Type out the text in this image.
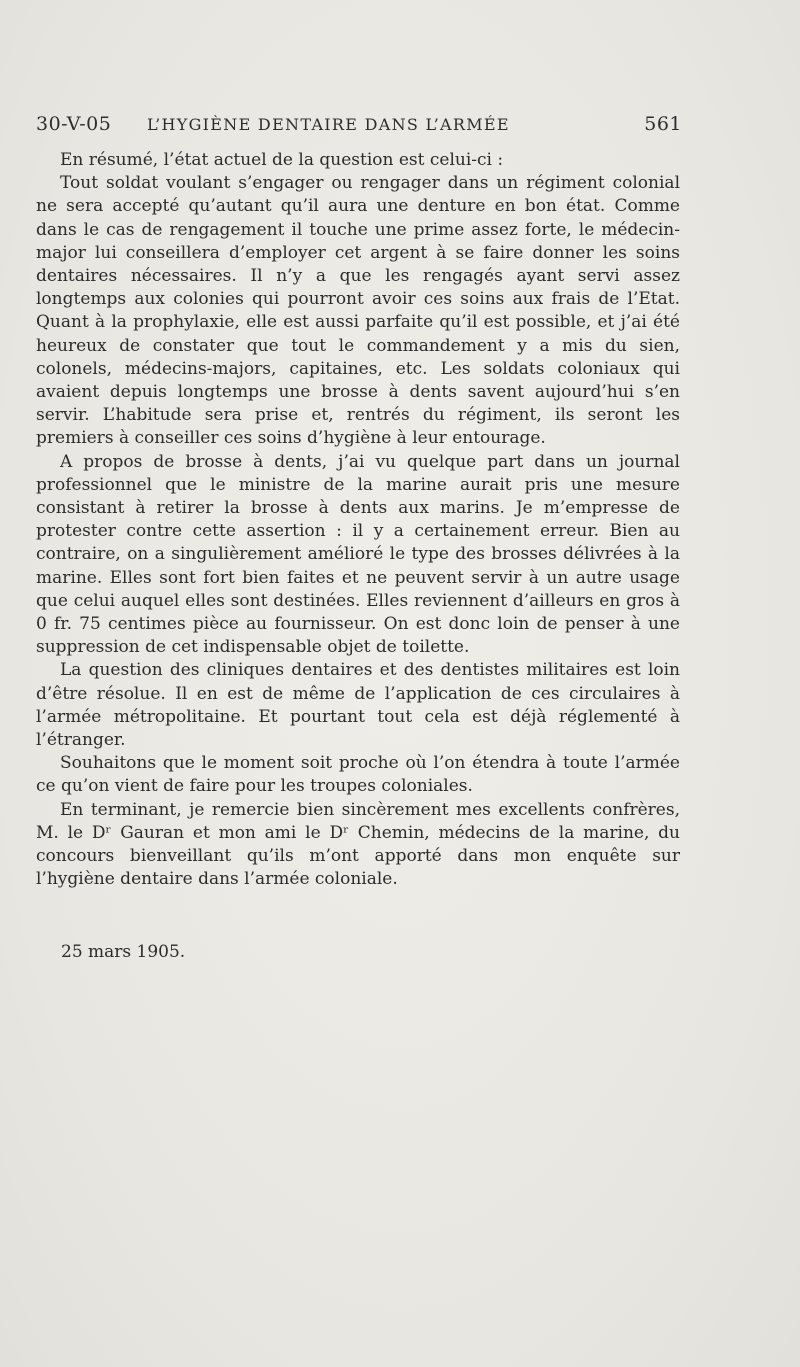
30-V-05 L’HYGIÈNE DENTAIRE DANS L’ARMÉE	561

En résumé, l’état actuel de la question est celui-ci :

Tout soldat voulant s’engager ou rengager dans un régiment colonial ne sera accepté qu’autant qu’il aura une denture en bon état. Comme dans le cas de rengagement il touche une prime assez forte, le médecin-major lui conseillera d’employer cet argent à se faire donner les soins dentaires nécessaires. Il n’y a que les rengagés ayant servi assez longtemps aux colonies qui pourront avoir ces soins aux frais de l’Etat. Quant à la prophylaxie, elle est aussi parfaite qu’il est possible, et j’ai été heureux de constater que tout le commandement y a mis du sien, colonels, médecins-majors, capitaines, etc. Les soldats coloniaux qui avaient depuis longtemps une brosse à dents savent aujourd’hui s’en servir. L’habitude sera prise et, rentrés du régiment, ils seront les premiers à conseiller ces soins d’hygiène à leur entourage.

A propos de brosse à dents, j’ai vu quelque part dans un journal professionnel que le ministre de la marine aurait pris une mesure consistant à retirer la brosse à dents aux marins. Je m’empresse de protester contre cette assertion : il y a certainement erreur. Bien au contraire, on a singulièrement amélioré le type des brosses délivrées à la marine. Elles sont fort bien faites et ne peuvent servir à un autre usage que celui auquel elles sont destinées. Elles reviennent d’ailleurs en gros à 0 fr. 75 centimes pièce au fournisseur. On est donc loin de penser à une suppression de cet indispensable objet de toilette.

La question des cliniques dentaires et des dentistes militaires est loin d’être résolue. Il en est de même de l’application de ces circulaires à l’armée métropolitaine. Et pourtant tout cela est déjà réglementé à l’étranger.

Souhaitons que le moment soit proche où l’on étendra à toute l’armée ce qu’on vient de faire pour les troupes coloniales.

En terminant, je remercie bien sincèrement mes excellents confrères, M. le Dʳ Gauran et mon ami le Dʳ Chemin, médecins de la marine, du concours bienveillant qu’ils m’ont apporté dans mon enquête sur l’hygiène dentaire dans l’armée coloniale.

25 mars 1905.
